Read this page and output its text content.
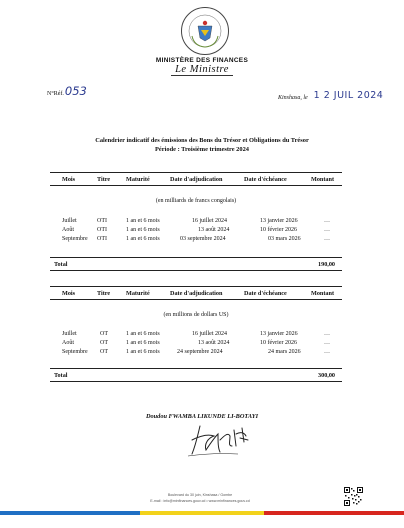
MINISTÈRE DES FINANCES
Le Ministre
N°Réf. 053	Kinshasa, le 1 2 JUIL 2024
Calendrier indicatif des émissions des Bons du Trésor et Obligations du Trésor
Période : Troisième trimestre 2024
Mois	Titre	Maturité	Date d'adjudication	Date d'échéance	Montant
(en milliards de francs congolais)
Juillet	OTI	1 an et 6 mois	16 juillet 2024	13 janvier 2026	…
Août	OTI	1 an et 6 mois	13 août 2024	10 février 2026	…
Septembre OTI	1 an et 6 mois	03 septembre 2024	03 mars 2026	…
Total	190,00
Mois	Titre	Maturité	Date d'adjudication	Date d'échéance	Montant
(en millions de dollars US)
Juillet	OT	1 an et 6 mois	16 juillet 2024	13 janvier 2026	…
Août	OT	1 an et 6 mois	13 août 2024	10 février 2026	…
Septembre OT	1 an et 6 mois	24 septembre 2024	24 mars 2026	…
Total	300,00
Doudou FWAMBA LIKUNDE LI-BOTAYI
Boulevard du 30 juin, Kinshasa / Gombe
E-mail : info@minfinances.gouv.cd • www.minfinances.gouv.cd
